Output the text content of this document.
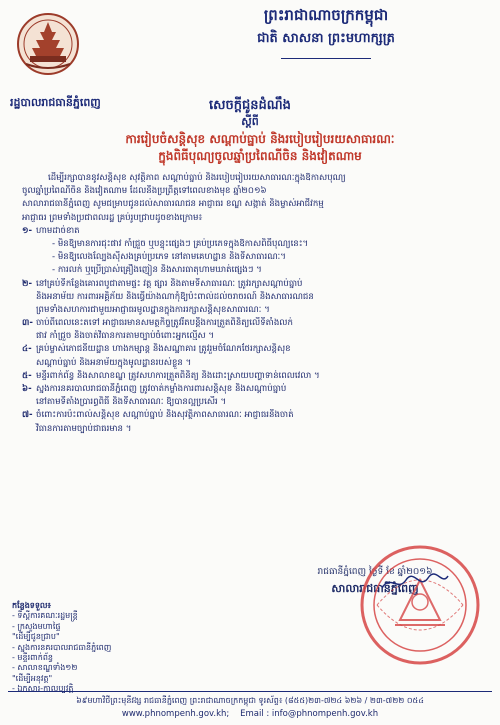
ព្រះរាជាណាចក្រកម្ពុជា
ជាតិ សាសនា ព្រះមហាក្សត្រ
រដ្ឋបាលរាជធានីភ្នំពេញ	សេចក្តីជូនដំណឹង
ស្តីពី
ការរៀបចំសន្តិសុខ សណ្តាប់ធ្នាប់ និងរបៀបរៀបរយសាធារណៈ
ក្នុងពិធីបុណ្យចូលឆ្នាំប្រពៃណីចិន និងវៀតណាម
ដើម្បីរក្សាបាននូវសន្តិសុខ សុវត្ថិភាព សណ្តាប់ធ្នាប់ និងរបៀបរៀបរយសាធារណៈក្នុងឱកាសបុណ្យ
ចូលឆ្នាំប្រពៃណីចិន និងវៀតណាម ដែលនឹងប្រព្រឹត្តទៅពេលខាងមុខ ឆ្នាំ២០១៦
សាលារាជធានីភ្នំពេញ សូមជម្រាបជូនដល់សាធារណជន អាជ្ញាធរ ខណ្ឌ សង្កាត់ និងម្ចាស់អាជីវកម្ម
អាជ្ញាធរ ព្រមទាំងប្រជាពលរដ្ឋ គ្រប់រូបជ្រាបដូចខាងក្រោម៖
១- ហាមដាច់ខាត
- មិនឱ្យមានការជុះផាវ កាំជ្រួច ឬបន្ទុះផ្សេងៗ គ្រប់ប្រភេទក្នុងឱកាសពិធីបុណ្យនេះ។
- មិនឱ្យលេងល្បែងស៊ីសងគ្រប់ប្រភេទ នៅតាមគេហដ្ឋាន និងទីសាធារណៈ។
- ការលក់ ឬប្រើប្រាស់គ្រឿងញៀន និងសារធាតុហាមឃាត់ផ្សេងៗ ។
២- នៅគ្រប់ទីកន្លែងគោរពបូជាតាមផ្ទះ វត្ត ផ្សារ និងតាមទីសាធារណៈ ត្រូវរក្សាសណ្តាប់ធ្នាប់
និងអនាម័យ ការពារអគ្គិភ័យ និងធ្វើយ៉ាងណាកុំឱ្យប៉ះពាល់ដល់ចរាចរណ៍ និងសាធារណជន
ព្រមទាំងសហការជាមួយអាជ្ញាធរមូលដ្ឋានក្នុងការរក្សាសន្តិសុខសាធារណៈ ។
៣- ចាប់ពីពេលនេះតទៅ អាជ្ញាធរមានសមត្ថកិច្ចត្រូវរឹតបន្តឹងការត្រួតពិនិត្យលើទីតាំងលក់
ផាវ កាំជ្រួច និងចាត់វិធានការតាមច្បាប់ចំពោះអ្នកល្មើស ។
៤- គ្រប់ម្ចាស់ភោជនីយដ្ឋាន ហាងកម្សាន្ត និងសណ្ឋាគារ ត្រូវរួមចំណែកថែរក្សាសន្តិសុខ
សណ្តាប់ធ្នាប់ និងអនាម័យក្នុងមូលដ្ឋានរបស់ខ្លួន ។
៥- មន្ទីរពាក់ព័ន្ធ និងសាលាខណ្ឌ ត្រូវសហការត្រួតពិនិត្យ និងដោះស្រាយបញ្ហាទាន់ពេលវេលា ។
៦- ស្នងការនគរបាលរាជធានីភ្នំពេញ ត្រូវចាត់កម្លាំងការពារសន្តិសុខ និងសណ្តាប់ធ្នាប់
នៅតាមទីតាំងប្រារព្ធពិធី និងទីសាធារណៈ ឱ្យបានល្អប្រសើរ ។
៧- ចំពោះការប៉ះពាល់សន្តិសុខ សណ្តាប់ធ្នាប់ និងសុវត្ថិភាពសាធារណៈ អាជ្ញាធរនឹងចាត់
វិធានការតាមច្បាប់ជាធរមាន ។
រាជធានីភ្នំពេញ ថ្ងៃទី ខែ ឆ្នាំ២០១៦
សាលារាជធានីភ្នំពេញ
កន្លែងទទួល៖
- ទីស្តីការគណៈរដ្ឋមន្ត្រី
- ក្រសួងមហាផ្ទៃ
"ដើម្បីជូនជ្រាប"
- ស្នងការនគរបាលរាជធានីភ្នំពេញ
- មន្ទីរពាក់ព័ន្ធ
- សាលាខណ្ឌទាំង១២
"ដើម្បីអនុវត្ត"
- ឯកសារ-កាលប្បវត្តិ
៦៩មហាវិថីព្រះមុនីវង្ស រាជធានីភ្នំពេញ ព្រះរាជាណាចក្រកម្ពុជា ទូរស័ព្ទ៖ (៨៥៥)២៣-៧២៤ ៦២៦ / ២៣-៧២២ ០៥៤
www.phnompenh.gov.kh; Email : info@phnompenh.gov.kh
